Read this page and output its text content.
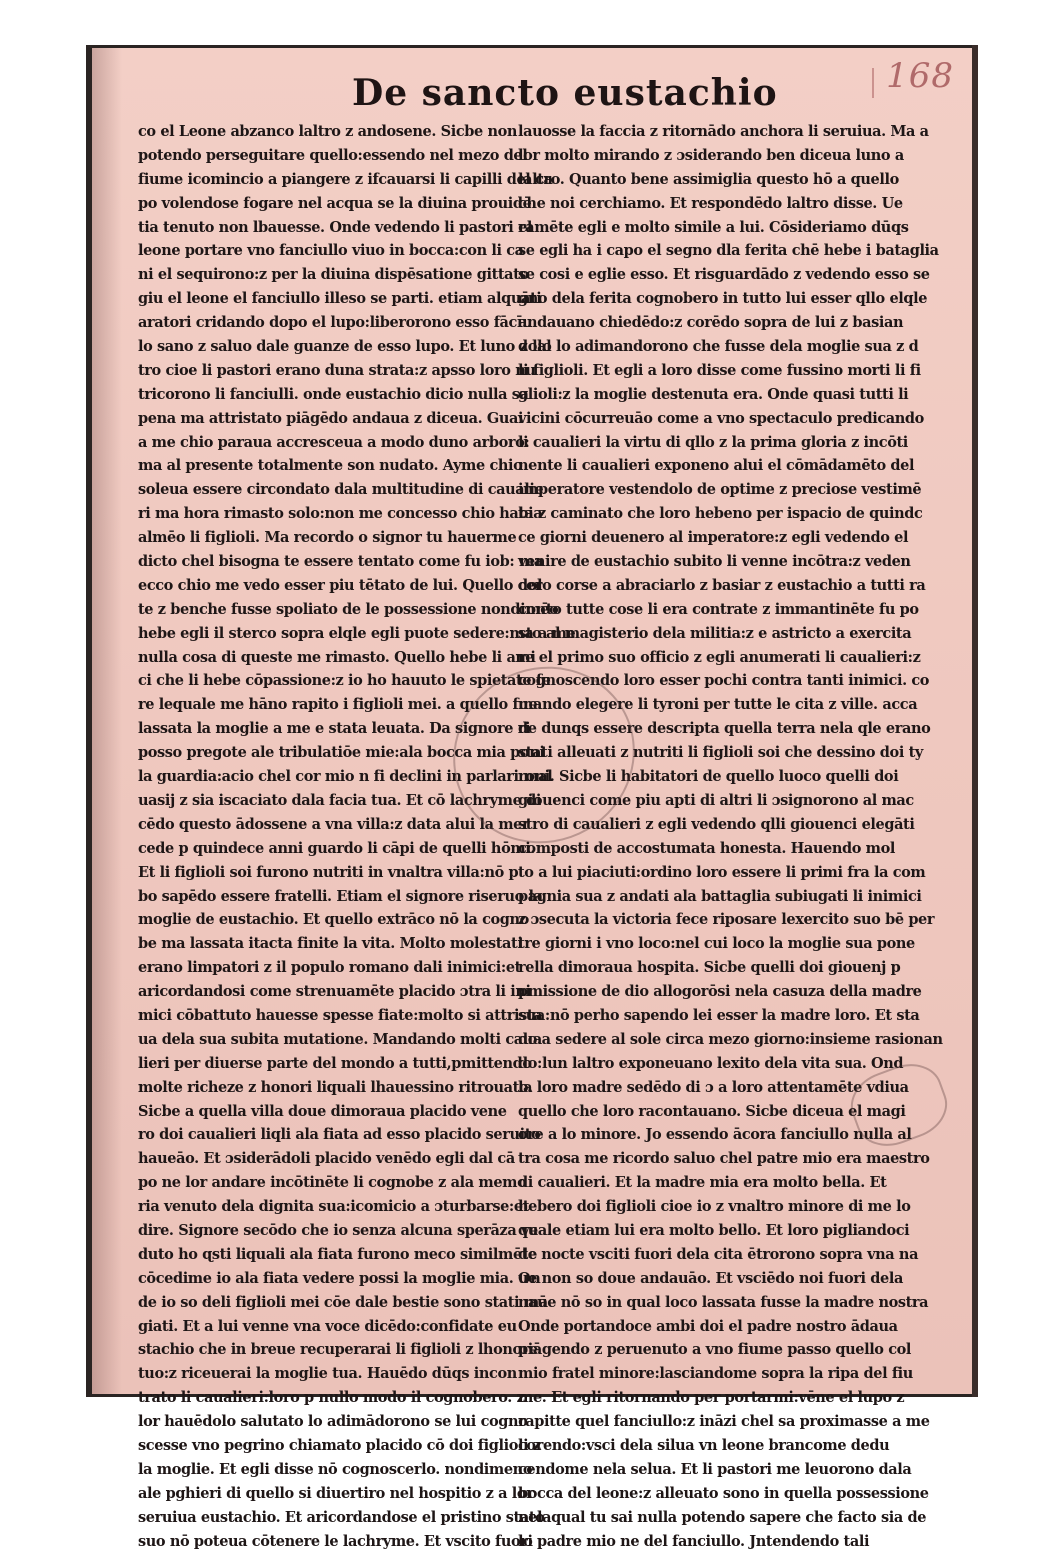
168
De sancto eustachio
co el Leone abzanco laltro z andosene. Sicbe non
potendo perseguitare quello:essendo nel mezo del
fiume icomincio a piangere z ifcauarsi li capilli del ca
po volendose fogare nel acqua se la diuina prouidē
tia tenuto non lbauesse. Onde vedendo li pastori el
leone portare vno fanciullo viuo in bocca:con li ca
ni el sequirono:z per la diuina dispēsatione gittato
giu el leone el fanciullo illeso se parti. etiam alquāti
aratori cridando dopo el lupo:liberorono esso fācīu
lo sano z saluo dale guanze de esso lupo. Et luno z lal
tro cioe li pastori erano duna strata:z apsso loro nu
tricorono li fanciulli. onde eustachio dicio nulla sa
pena ma attristato piāgēdo andaua z diceua. Guai
a me chio paraua accresceua a modo duno arboro:
ma al presente totalmente son nudato. Ayme chio
soleua essere circondato dala multitudine di caualie
ri ma hora rimasto solo:non me concesso chio habia
almēo li figlioli. Ma recordo o signor tu hauerme
dicto chel bisogna te essere tentato come fu iob: ma
ecco chio me vedo esser piu tētato de lui. Quello cer
te z benche fusse spoliato de le possessione nondimēo
hebe egli il sterco sopra elqle egli puote sedere:ma a me
nulla cosa di queste me rimasto. Quello hebe li ami
ci che li hebe cōpassione:z io ho hauuto le spietate fe
re lequale me hāno rapito i figlioli mei. a quello fue
lassata la moglie a me e stata leuata. Da signore ri
posso pregote ale tribulatiōe mie:ala bocca mia poni
la guardia:acio chel cor mio n fi declini in parlari mal
uasij z sia iscaciato dala facia tua. Et cō lachryme di
cēdo questo ādossene a vna villa:z data alui la mer
cede p quindece anni guardo li cāpi de quelli hōmi.
Et li figlioli soi furono nutriti in vnaltra villa:nō p
bo sapēdo essere fratelli. Etiam el signore riseruo la
moglie de eustachio. Et quello extrāco nō la cogno
be ma lassata itacta finite la vita. Molto molestati
erano limpatori z il populo romano dali inimici:et
aricordandosi come strenuamēte placido ɔtra li ini
mici cōbattuto hauesse spesse fiate:molto si attrista
ua dela sua subita mutatione. Mandando molti caua
lieri per diuerse parte del mondo a tutti,pmittendo
molte richeze z honori liquali lhauessino ritrouato.
Sicbe a quella villa doue dimoraua placido vene
ro doi caualieri liqli ala fiata ad esso placido seruito
haueāo. Et ɔsiderādoli placido venēdo egli dal cā
po ne lor andare incōtinēte li cognobe z ala memo
ria venuto dela dignita sua:icomicio a ɔturbarse:et
dire. Signore secōdo che io senza alcuna sperāza ve
duto ho ɋsti liquali ala fiata furono meco similmēte
cōcedime io ala fiata vedere possi la moglie mia. On
de io so deli figlioli mei cōe dale bestie sono stati mā
giati. Et a lui venne vna voce dicēdo:confidate eu
stachio che in breue recuperarai li figlioli z lhonore
tuo:z riceuerai la moglie tua. Hauēdo dūqs incon
trato li caualieri:loro p nullo modo il cognobero. z
lor hauēdolo salutato lo adimādorono se lui cogno
scesse vno pegrino chiamato placido cō doi figlioli z
la moglie. Et egli disse nō cognoscerlo. nondimeno
ale pghieri di quello si diuertiro nel hospitio z a lor
seruiua eustachio. Et aricordandose el pristino stato
suo nō poteua cōtenere le lachryme. Et vscito fuori
lauosse la faccia z ritornādo anchora li seruiua. Ma a
lor molto mirando z ɔsiderando ben diceua luno a
laltro. Quanto bene assimiglia questo hō a quello
che noi cerchiamo. Et respondēdo laltro disse. Ue
ramēte egli e molto simile a lui. Cōsideriamo dūqs
se egli ha i capo el segno dla ferita chē hebe i bataglia
se cosi e eglie esso. Et risguardādo z vedendo esso se
gno dela ferita cognobero in tutto lui esser qllo elqle
andauano chiedēdo:z corēdo sopra de lui z basian
dolo lo adimandorono che fusse dela moglie sua z d
li figlioli. Et egli a loro disse come fussino morti li fi
glioli:z la moglie destenuta era. Onde quasi tutti li
vicini cōcurreuāo come a vno spectaculo predicando
li caualieri la virtu di qllo z la prima gloria z incōti
nente li caualieri exponeno alui el cōmādamēto del
imperatore vestendolo de optime z preciose vestimē
ta z caminato che loro hebeno per ispacio de quindc
ce giorni deuenero al imperatore:z egli vedendo el
venire de eustachio subito li venne incōtra:z veden
dolo corse a abraciarlo z basiar z eustachio a tutti ra
conto tutte cose li era contrate z immantinēte fu po
sto al magisterio dela militia:z e astricto a exercita
re el primo suo officio z egli anumerati li caualieri:z
cognoscendo loro esser pochi contra tanti inimici. co
mando elegere li tyroni per tutte le cita z ville. acca
de dunqs essere descripta quella terra nela qle erano
stati alleuati z nutriti li figlioli soi che dessino doi ty
roni. Sicbe li habitatori de quello luoco quelli doi
giouenci come piu apti di altri li ɔsignorono al mac
stro di caualieri z egli vedendo qlli giouenci elegāti
composti de accostumata honesta. Hauendo mol
to a lui piaciuti:ordino loro essere li primi fra la com
pagnia sua z andati ala battaglia subiugati li inimici
z ɔsecuta la victoria fece riposare lexercito suo bē per
tre giorni i vno loco:nel cui loco la moglie sua pone
rella dimoraua hospita. Sicbe quelli doi giouenj p
pmissione de dio allogorōsi nela casuza della madre
sua:nō perho sapendo lei esser la madre loro. Et sta
do a sedere al sole circa mezo giorno:insieme rasionan
do:lun laltro exponeuano lexito dela vita sua. Ond
la loro madre sedēdo di ɔ a loro attentamēte vdiua
quello che loro racontauano. Sicbe diceua el magi
ore a lo minore. Jo essendo ācora fanciullo nulla al
tra cosa me ricordo saluo chel patre mio era maestro
di caualieri. Et la madre mia era molto bella. Et
hebero doi figlioli cioe io z vnaltro minore di me lo
quale etiam lui era molto bello. Et loro pigliandoci
de nocte vsciti fuori dela cita ētrorono sopra vna na
ue non so doue andauāo. Et vsciēdo noi fuori dela
naue nō so in qual loco lassata fusse la madre nostra
Onde portandoce ambi doi el padre nostro ādaua
piāgendo z peruenuto a vno fiume passo quello col
mio fratel minore:lasciandome sopra la ripa del fiu
me. Et egli ritornando per portarmi:vēne el lupo z
rapitte quel fanciullo:z ināzi chel sa proximasse a me
corendo:vsci dela silua vn leone brancome dedu
cendome nela selua. Et li pastori me leuorono dala
bocca del leone:z alleuato sono in quella possessione
nelaqual tu sai nulla potendo sapere che facto sia de
lo padre mio ne del fanciullo. Jntendendo tali
